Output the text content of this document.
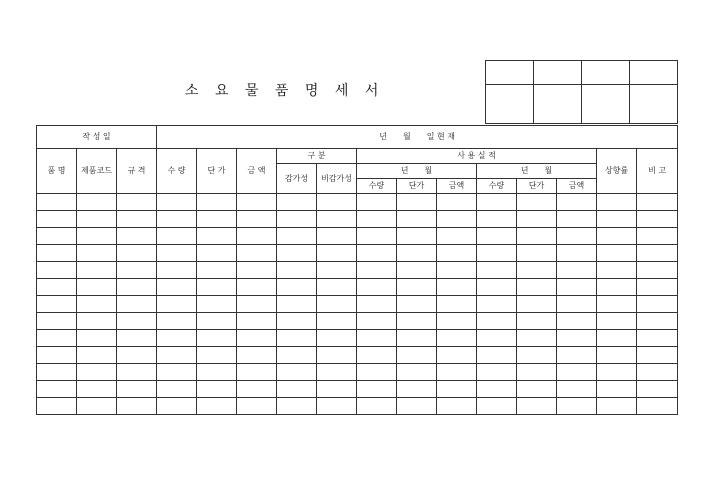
소 요 물 품 명 세 서

작 성 일			년　　월　　일 현 재												
품 명	제품코드	규 격	수 량	단 가	금 액	구 분		사 용 실 적						상향률	비 고
						감가성	비감가성	년　　월			년　　월				
								수량	단가	금액	수량	단가	금액		
